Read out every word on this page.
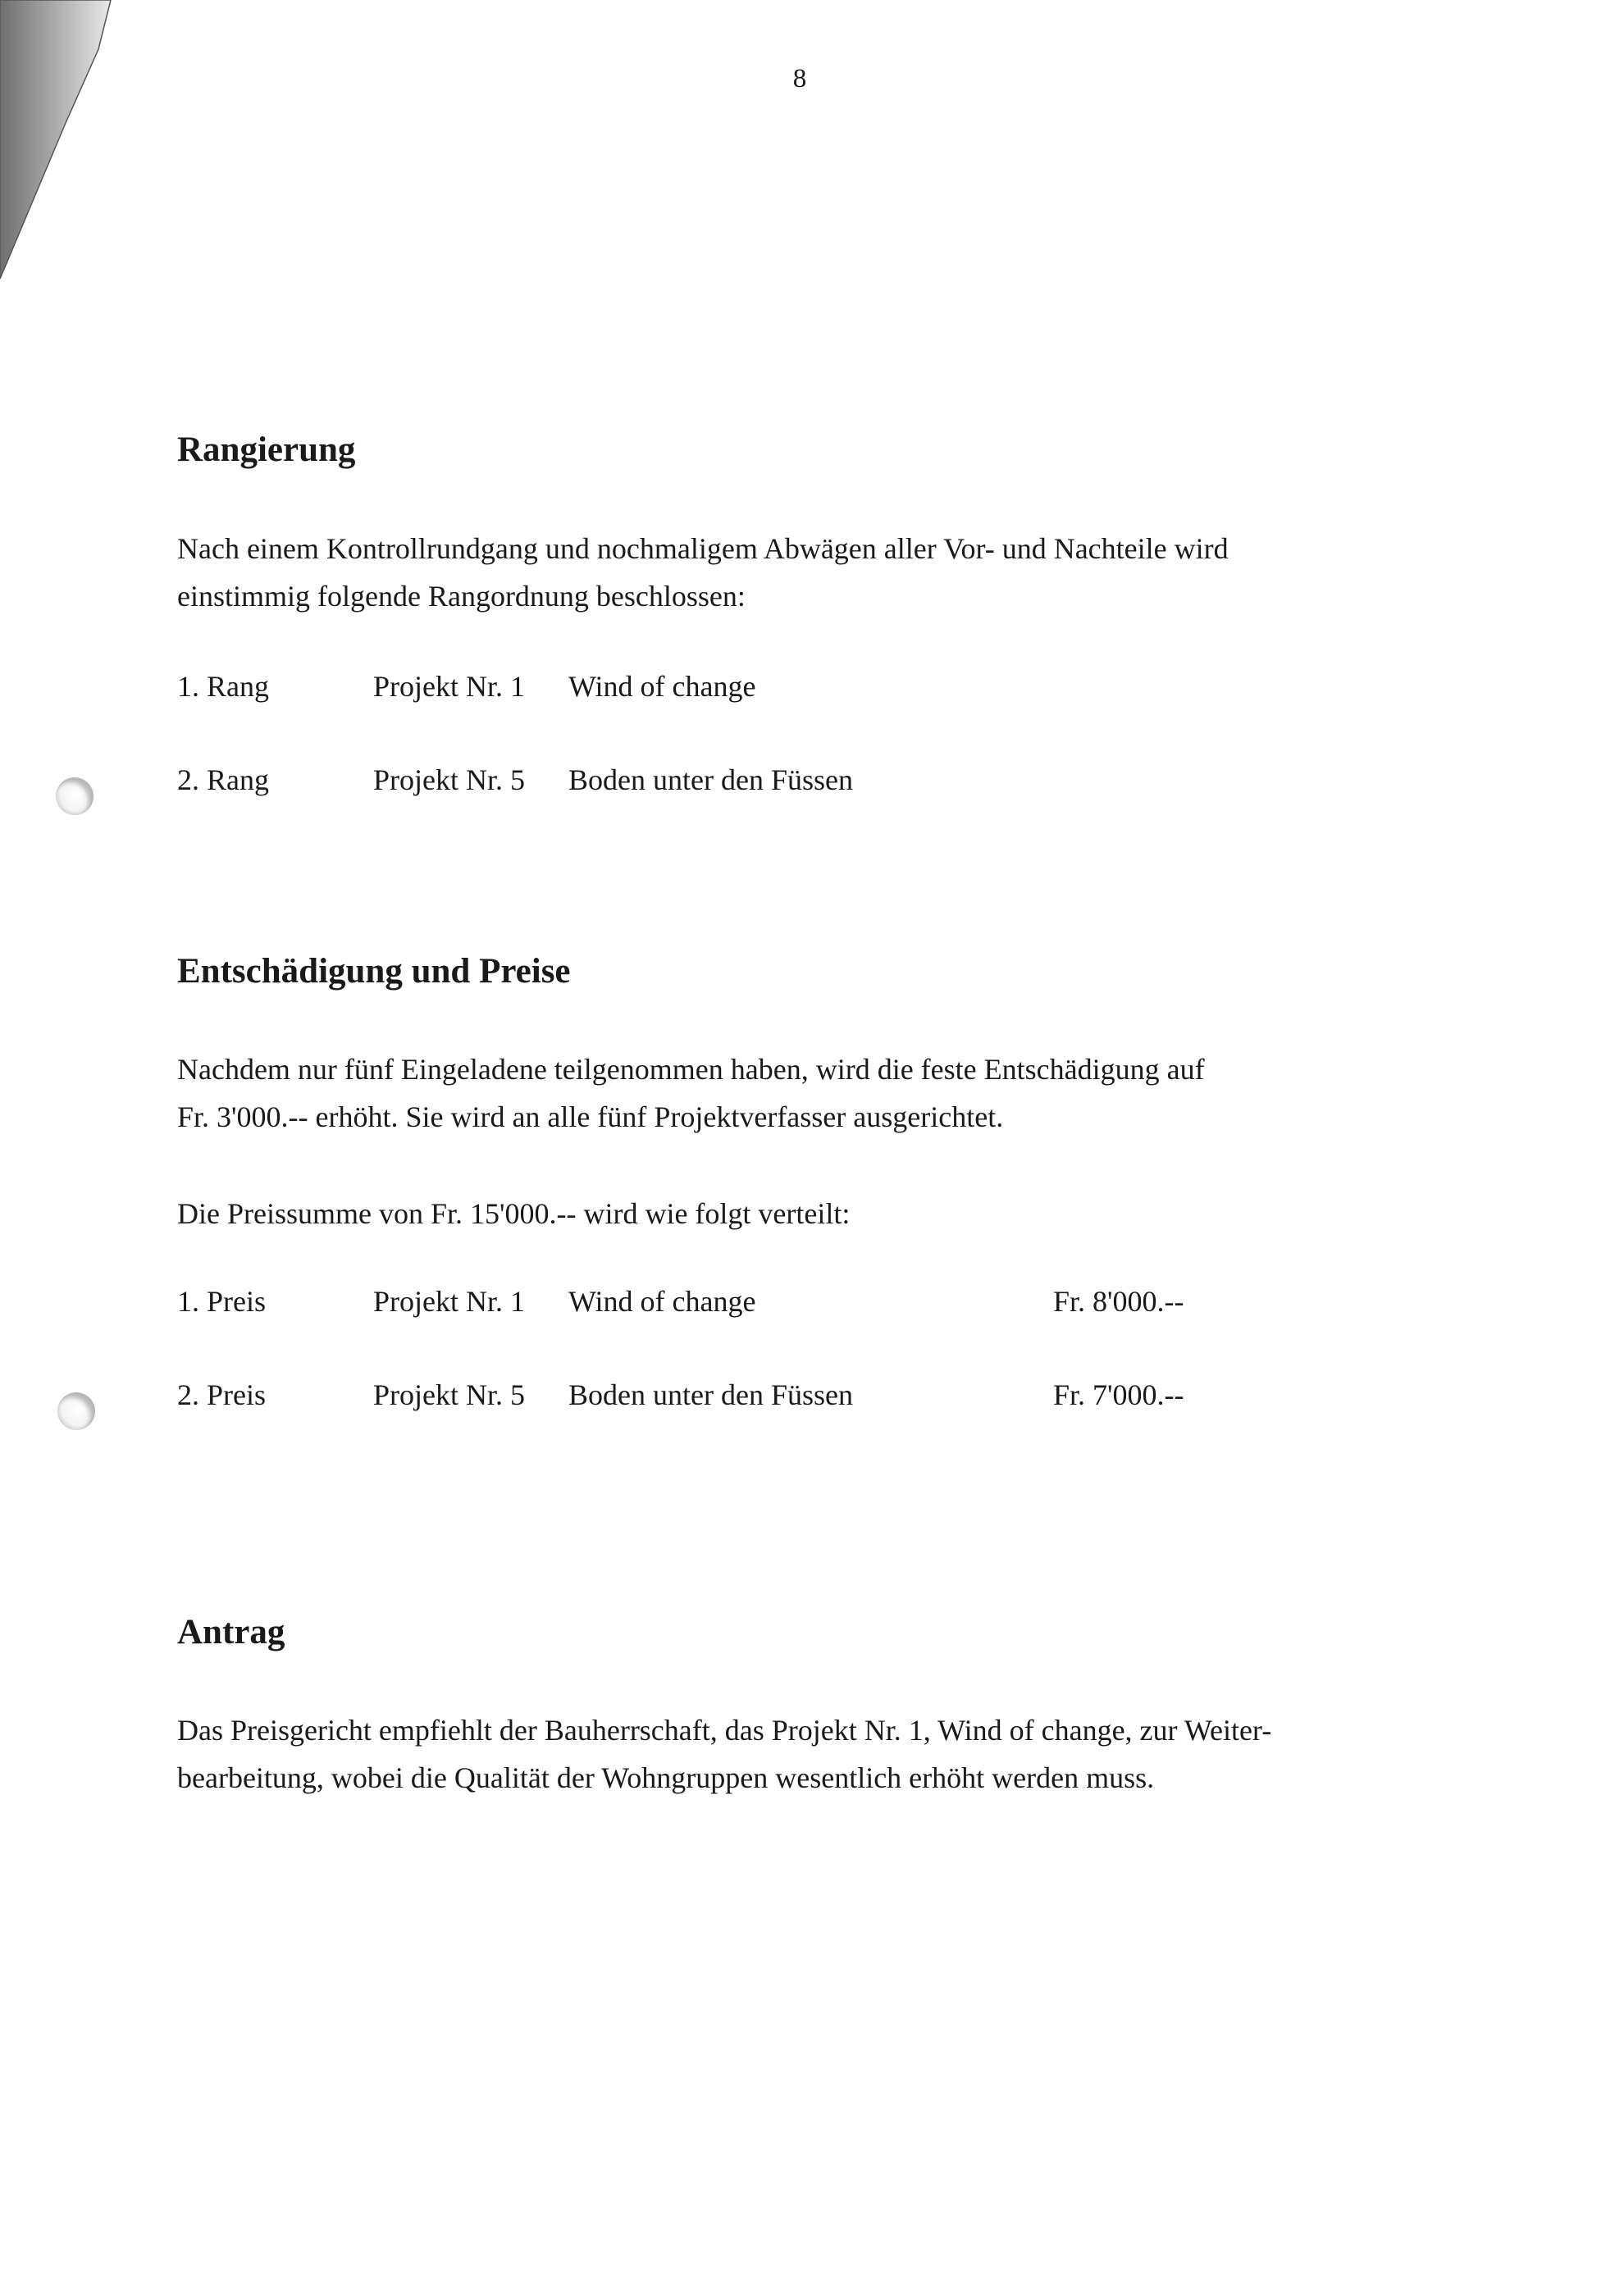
8
Rangierung
Nach einem Kontrollrundgang und nochmaligem Abwägen aller Vor- und Nachteile wird
einstimmig folgende Rangordnung beschlossen:
1. Rang	Projekt Nr. 1 Wind of change
2. Rang	Projekt Nr. 5 Boden unter den Füssen
Entschädigung und Preise
Nachdem nur fünf Eingeladene teilgenommen haben, wird die feste Entschädigung auf
Fr. 3'000.-- erhöht. Sie wird an alle fünf Projektverfasser ausgerichtet.
Die Preissumme von Fr. 15'000.-- wird wie folgt verteilt:
1. Preis	Projekt Nr. 1 Wind of change	Fr. 8'000.--
2. Preis	Projekt Nr. 5 Boden unter den Füssen	Fr. 7'000.--
Antrag
Das Preisgericht empfiehlt der Bauherrschaft, das Projekt Nr. 1, Wind of change, zur Weiter-
bearbeitung, wobei die Qualität der Wohngruppen wesentlich erhöht werden muss.
